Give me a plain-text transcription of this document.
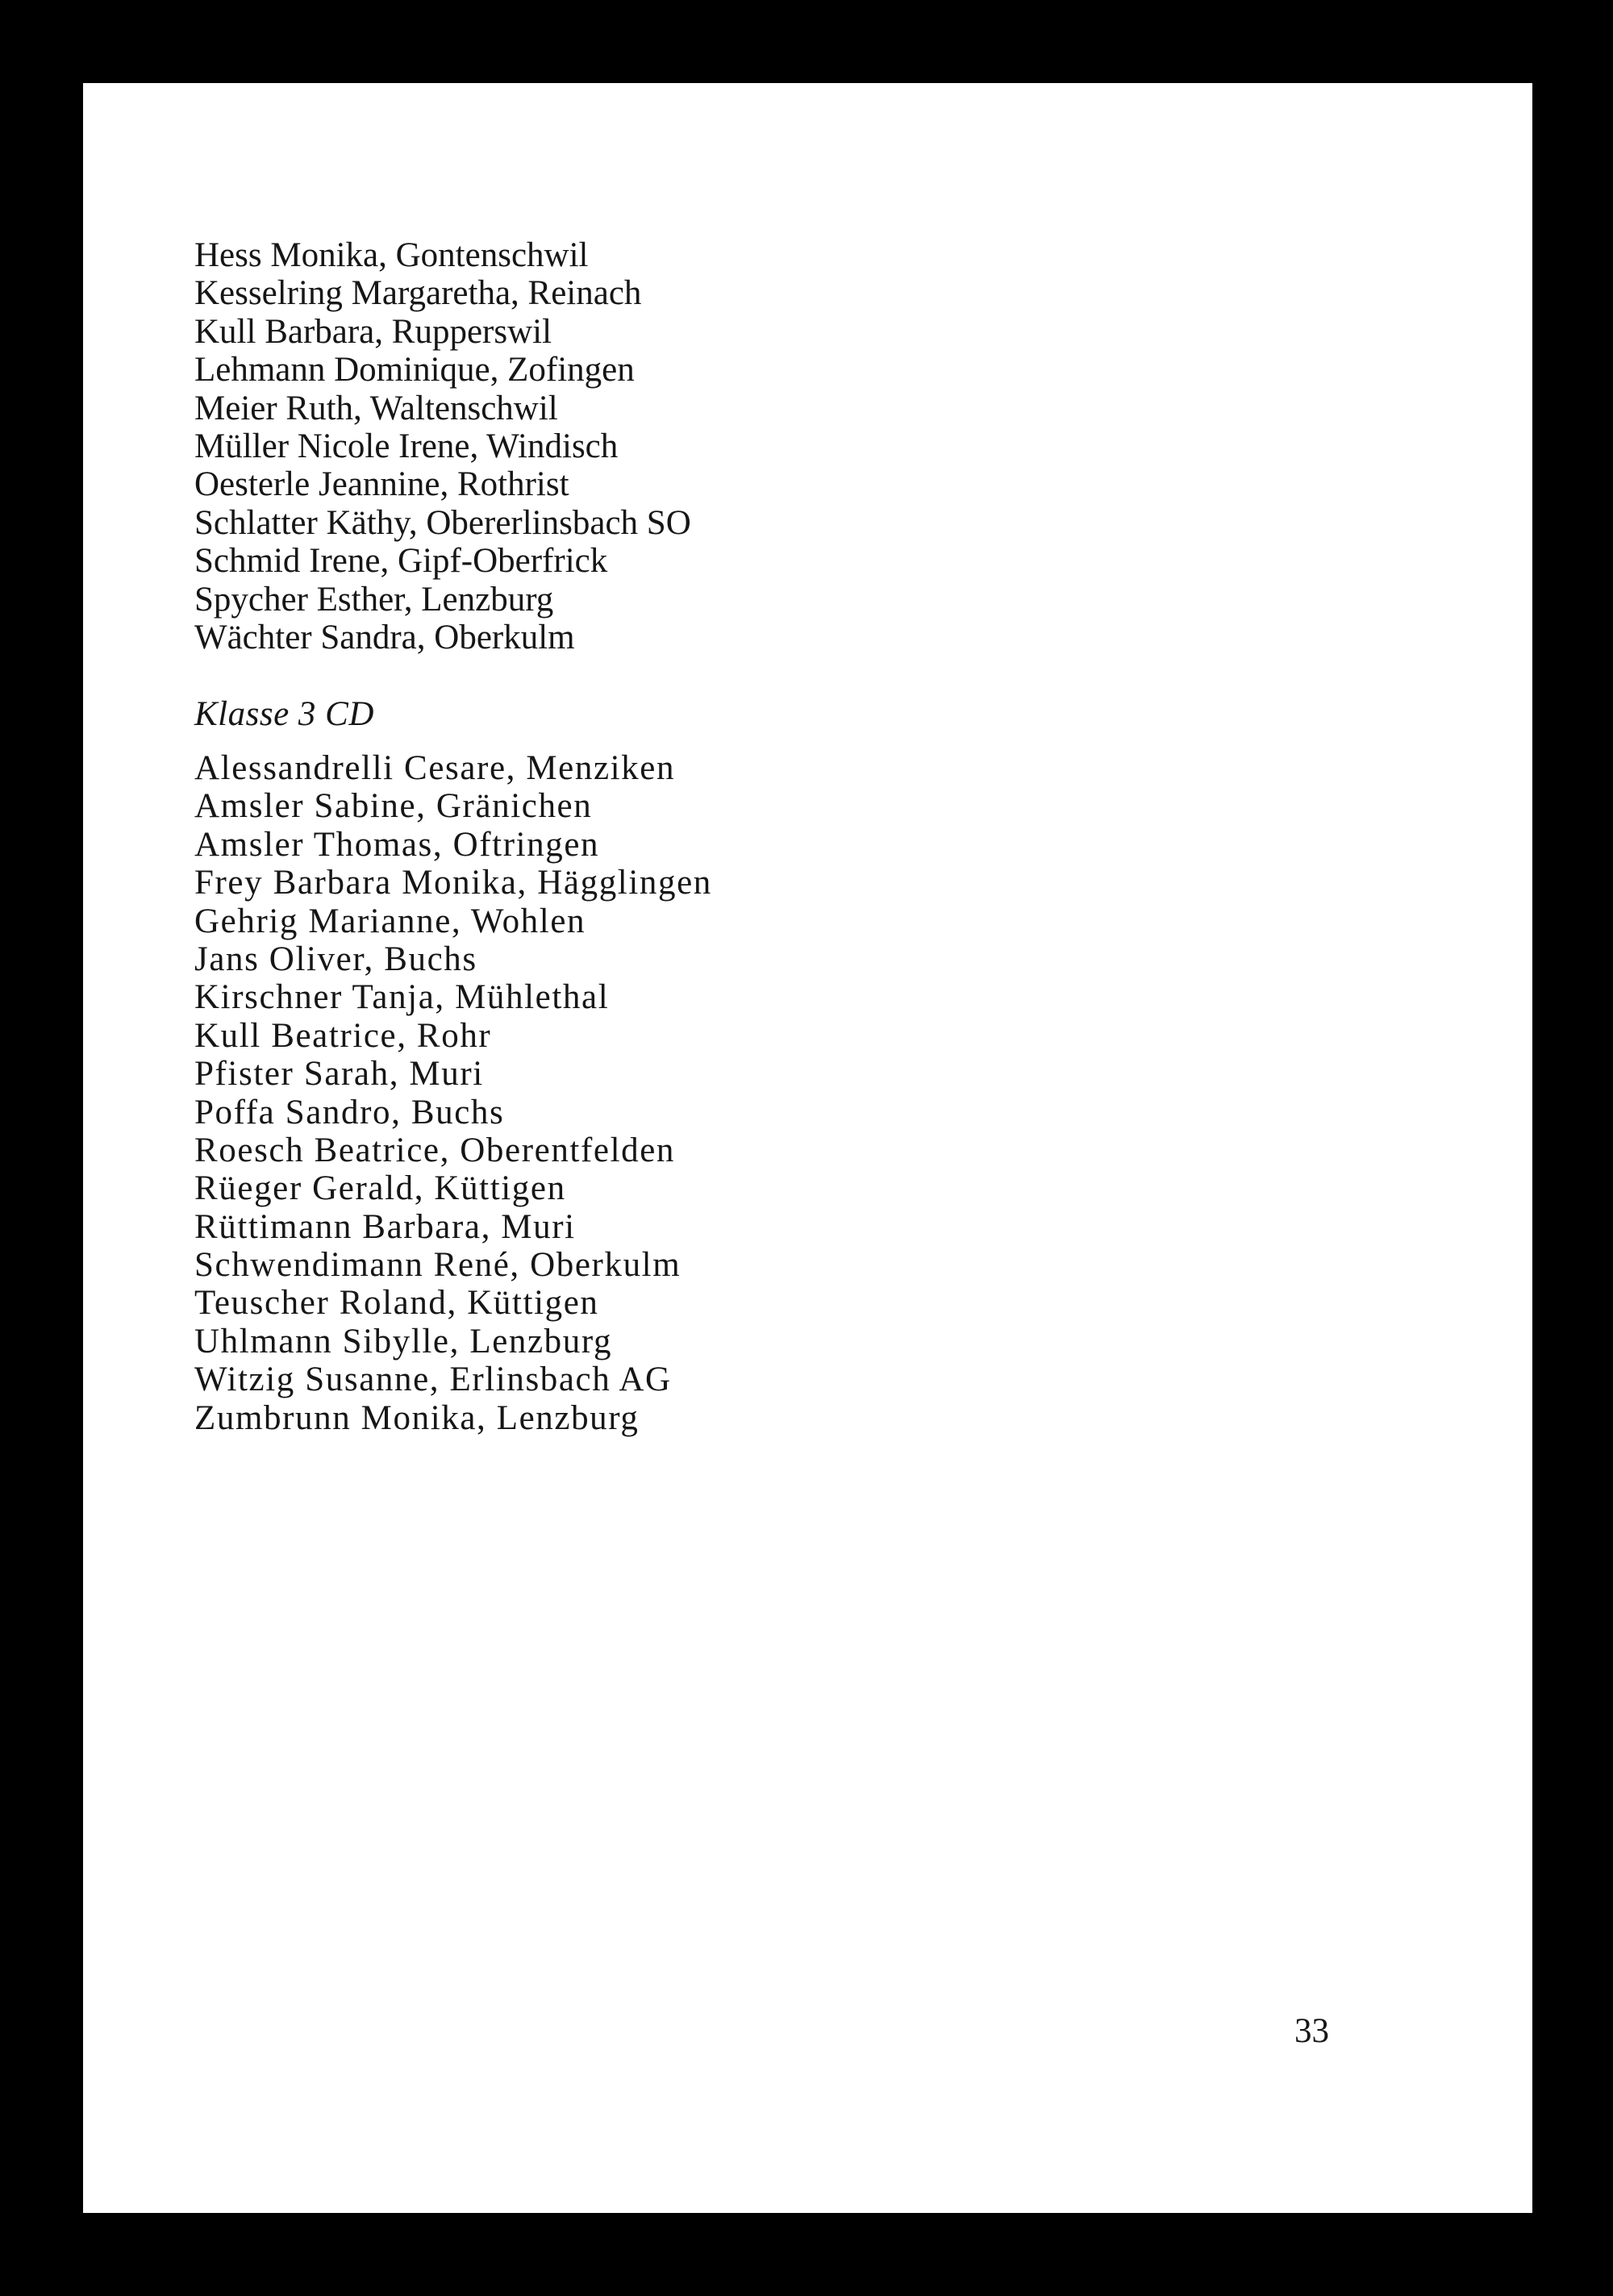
Hess Monika, Gontenschwil
Kesselring Margaretha, Reinach
Kull Barbara, Rupperswil
Lehmann Dominique, Zofingen
Meier Ruth, Waltenschwil
Müller Nicole Irene, Windisch
Oesterle Jeannine, Rothrist
Schlatter Käthy, Obererlinsbach SO
Schmid Irene, Gipf-Oberfrick
Spycher Esther, Lenzburg
Wächter Sandra, Oberkulm
Klasse 3 CD
Alessandrelli Cesare, Menziken
Amsler Sabine, Gränichen
Amsler Thomas, Oftringen
Frey Barbara Monika, Hägglingen
Gehrig Marianne, Wohlen
Jans Oliver, Buchs
Kirschner Tanja, Mühlethal
Kull Beatrice, Rohr
Pfister Sarah, Muri
Poffa Sandro, Buchs
Roesch Beatrice, Oberentfelden
Rüeger Gerald, Küttigen
Rüttimann Barbara, Muri
Schwendimann René, Oberkulm
Teuscher Roland, Küttigen
Uhlmann Sibylle, Lenzburg
Witzig Susanne, Erlinsbach AG
Zumbrunn Monika, Lenzburg
33
